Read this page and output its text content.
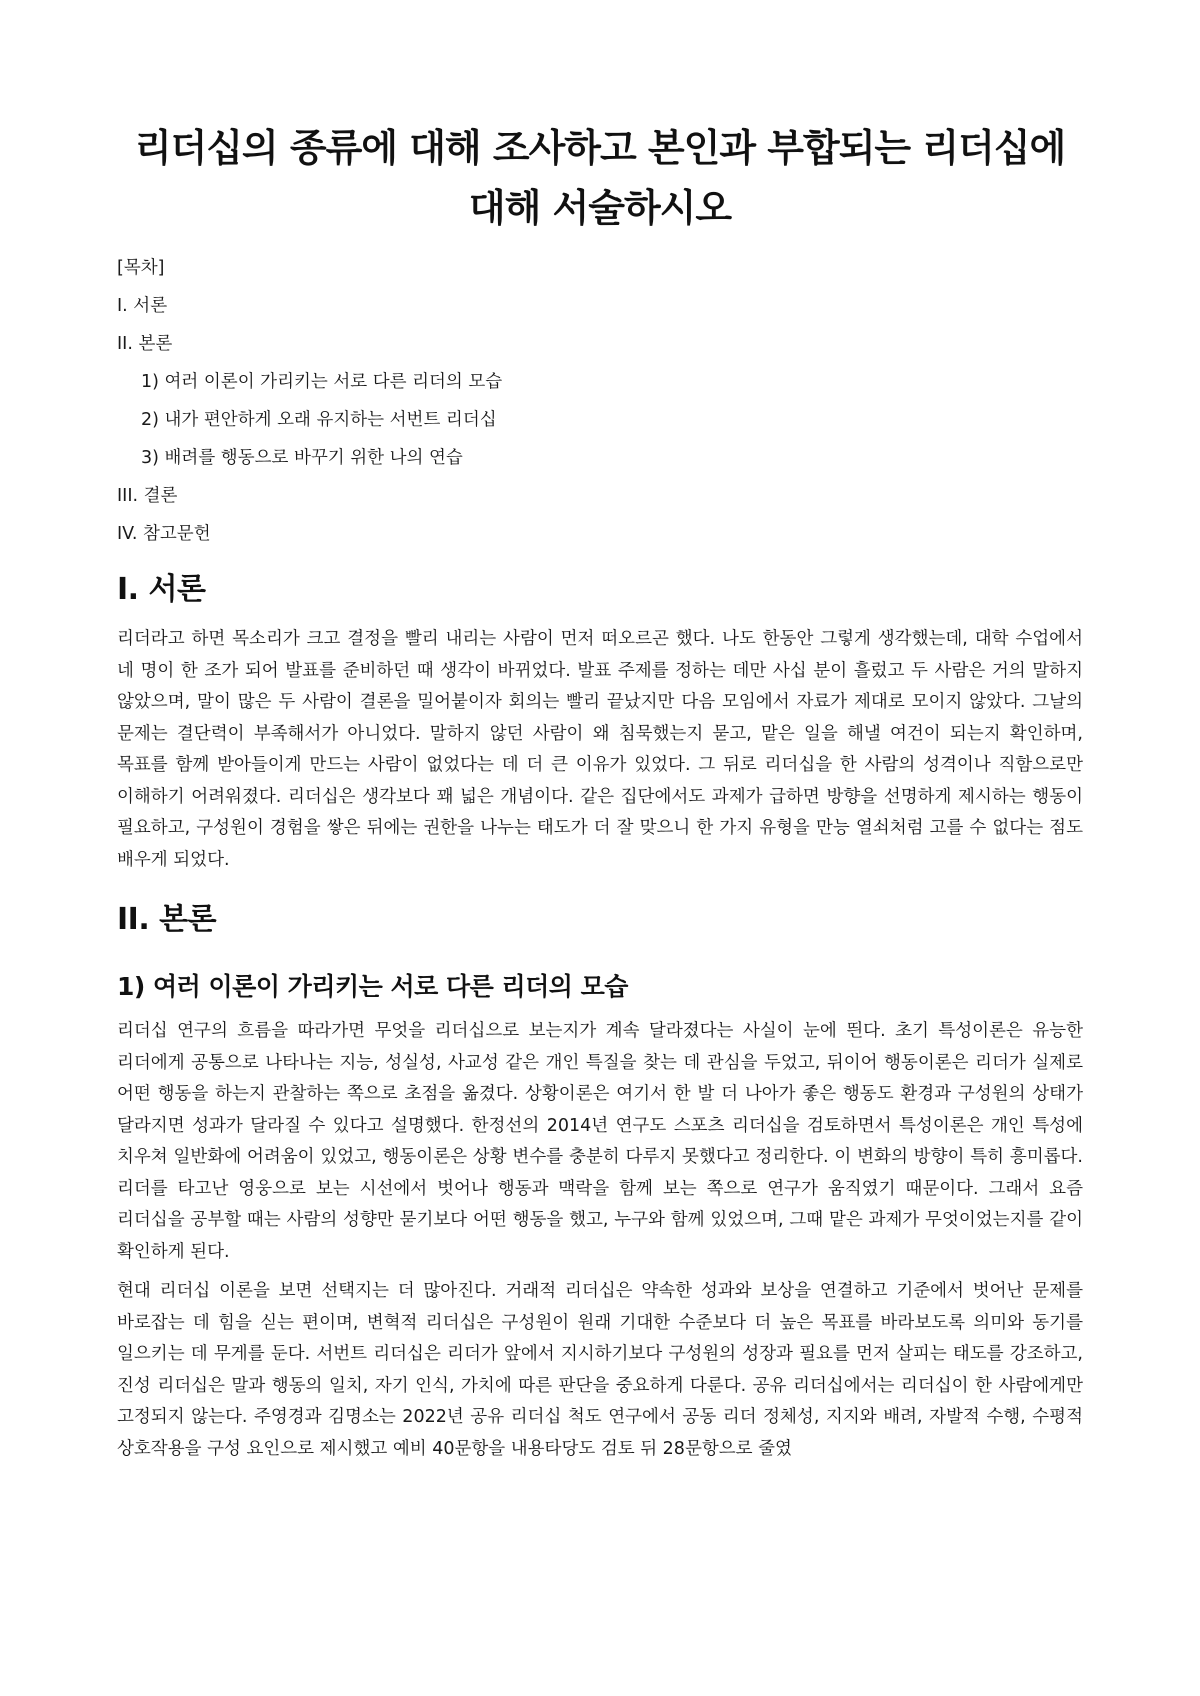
리더십의 종류에 대해 조사하고 본인과 부합되는 리더십에 대해 서술하시오
[목차]
I. 서론
II. 본론
1) 여러 이론이 가리키는 서로 다른 리더의 모습
2) 내가 편안하게 오래 유지하는 서번트 리더십
3) 배려를 행동으로 바꾸기 위한 나의 연습
III. 결론
IV. 참고문헌
I. 서론

리더라고 하면 목소리가 크고 결정을 빨리 내리는 사람이 먼저 떠오르곤 했다. 나도 한동안 그렇게 생각했는데, 대학 수업에서 네 명이 한 조가 되어 발표를 준비하던 때 생각이 바뀌었다. 발표 주제를 정하는 데만 사십 분이 흘렀고 두 사람은 거의 말하지 않았으며, 말이 많은 두 사람이 결론을 밀어붙이자 회의는 빨리 끝났지만 다음 모임에서 자료가 제대로 모이지 않았다. 그날의 문제는 결단력이 부족해서가 아니었다. 말하지 않던 사람이 왜 침묵했는지 묻고, 맡은 일을 해낼 여건이 되는지 확인하며, 목표를 함께 받아들이게 만드는 사람이 없었다는 데 더 큰 이유가 있었다. 그 뒤로 리더십을 한 사람의 성격이나 직함으로만 이해하기 어려워졌다. 리더십은 생각보다 꽤 넓은 개념이다. 같은 집단에서도 과제가 급하면 방향을 선명하게 제시하는 행동이 필요하고, 구성원이 경험을 쌓은 뒤에는 권한을 나누는 태도가 더 잘 맞으니 한 가지 유형을 만능 열쇠처럼 고를 수 없다는 점도 배우게 되었다.

II. 본론
1) 여러 이론이 가리키는 서로 다른 리더의 모습

리더십 연구의 흐름을 따라가면 무엇을 리더십으로 보는지가 계속 달라졌다는 사실이 눈에 띈다. 초기 특성이론은 유능한 리더에게 공통으로 나타나는 지능, 성실성, 사교성 같은 개인 특질을 찾는 데 관심을 두었고, 뒤이어 행동이론은 리더가 실제로 어떤 행동을 하는지 관찰하는 쪽으로 초점을 옮겼다. 상황이론은 여기서 한 발 더 나아가 좋은 행동도 환경과 구성원의 상태가 달라지면 성과가 달라질 수 있다고 설명했다. 한정선의 2014년 연구도 스포츠 리더십을 검토하면서 특성이론은 개인 특성에 치우쳐 일반화에 어려움이 있었고, 행동이론은 상황 변수를 충분히 다루지 못했다고 정리한다. 이 변화의 방향이 특히 흥미롭다. 리더를 타고난 영웅으로 보는 시선에서 벗어나 행동과 맥락을 함께 보는 쪽으로 연구가 움직였기 때문이다. 그래서 요즘 리더십을 공부할 때는 사람의 성향만 묻기보다 어떤 행동을 했고, 누구와 함께 있었으며, 그때 맡은 과제가 무엇이었는지를 같이 확인하게 된다.

현대 리더십 이론을 보면 선택지는 더 많아진다. 거래적 리더십은 약속한 성과와 보상을 연결하고 기준에서 벗어난 문제를 바로잡는 데 힘을 싣는 편이며, 변혁적 리더십은 구성원이 원래 기대한 수준보다 더 높은 목표를 바라보도록 의미와 동기를 일으키는 데 무게를 둔다. 서번트 리더십은 리더가 앞에서 지시하기보다 구성원의 성장과 필요를 먼저 살피는 태도를 강조하고, 진성 리더십은 말과 행동의 일치, 자기 인식, 가치에 따른 판단을 중요하게 다룬다. 공유 리더십에서는 리더십이 한 사람에게만 고정되지 않는다. 주영경과 김명소는 2022년 공유 리더십 척도 연구에서 공동 리더 정체성, 지지와 배려, 자발적 수행, 수평적 상호작용을 구성 요인으로 제시했고 예비 40문항을 내용타당도 검토 뒤 28문항으로 줄였
